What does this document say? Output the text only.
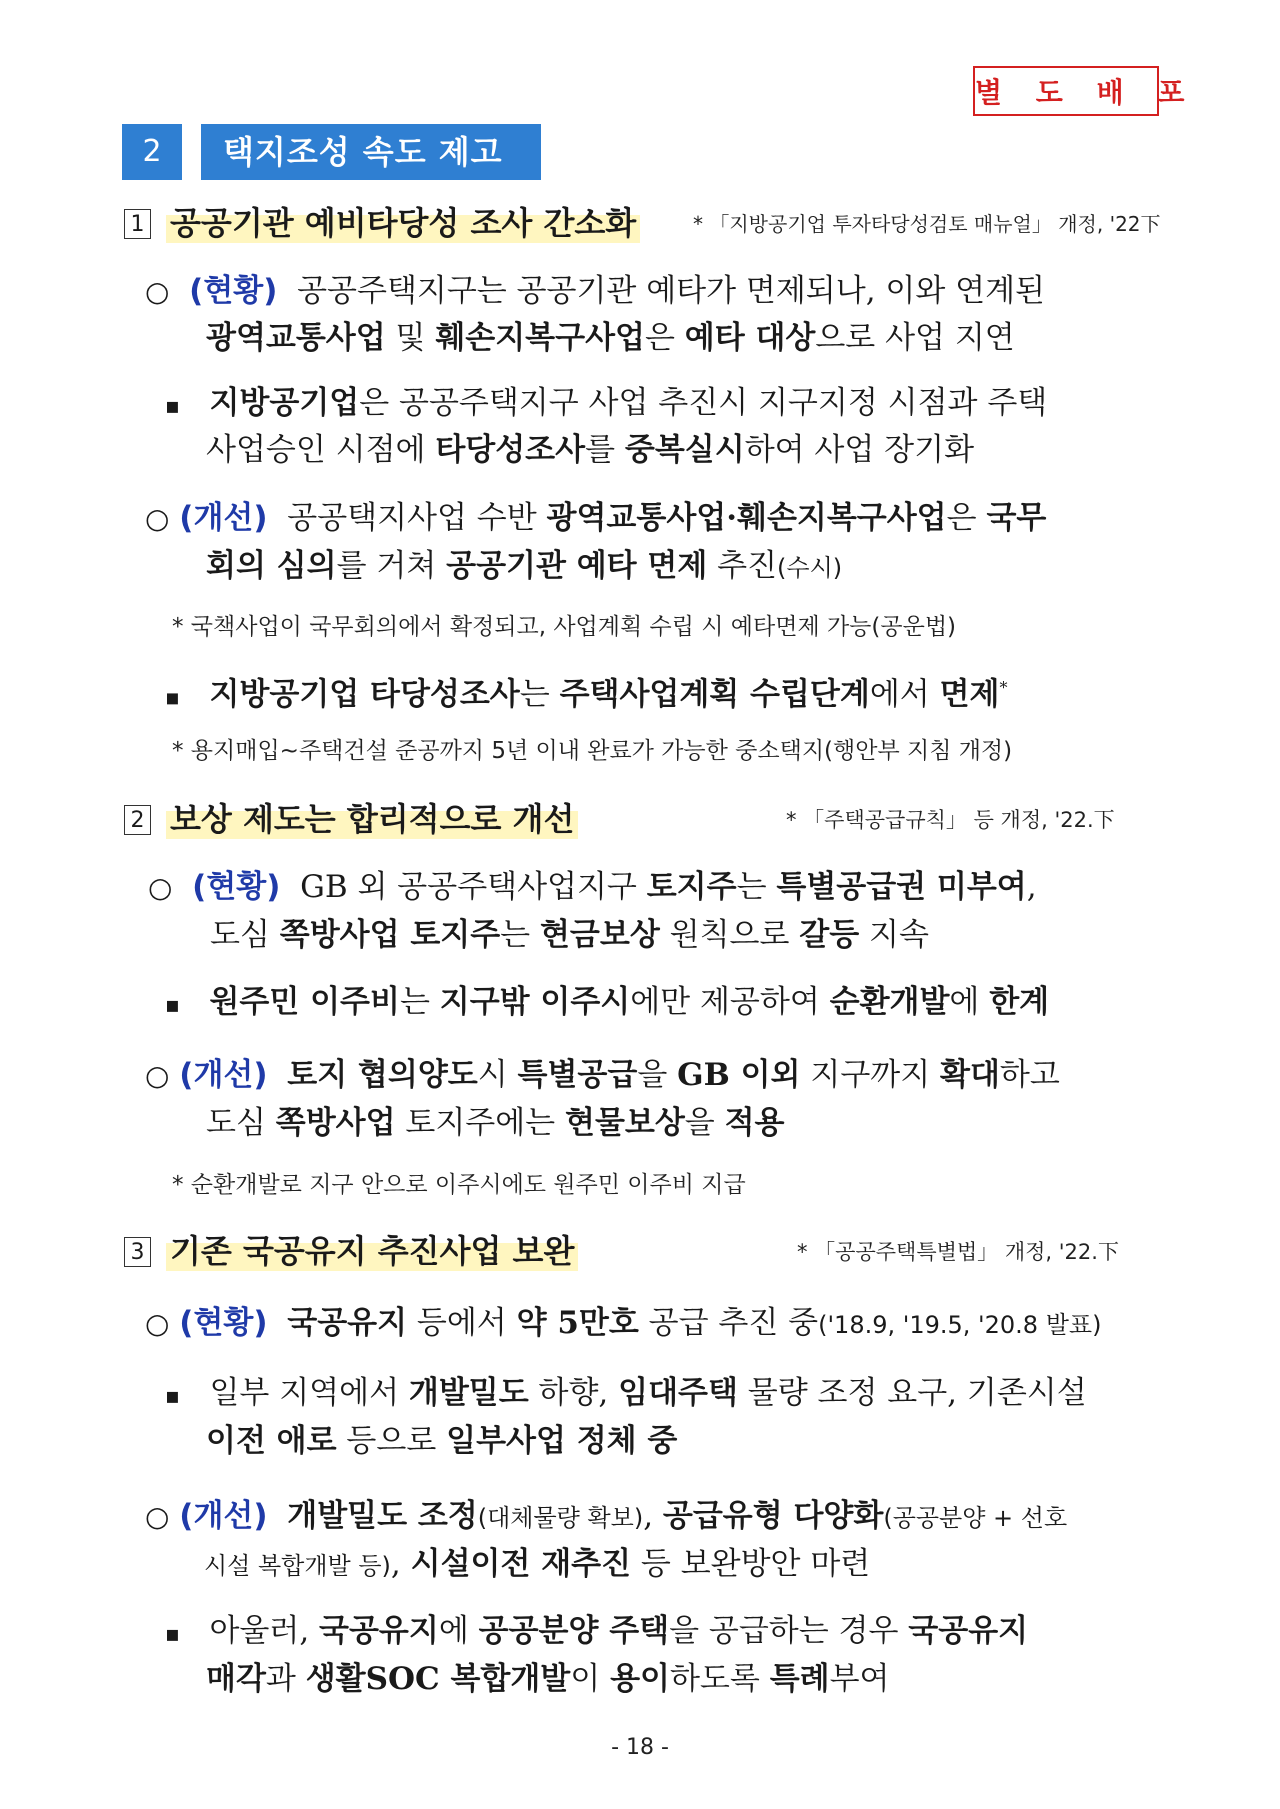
별 도 배 포
2	택지조성 속도 제고
1 공공기관 예비타당성 조사 간소화	* 「지방공기업 투자타당성검토 매뉴얼」 개정, '22下
○ (현황) 공공주택지구는 공공기관 예타가 면제되나, 이와 연계된
광역교통사업 및 훼손지복구사업은 예타 대상으로 사업 지연
▪ 지방공기업은 공공주택지구 사업 추진시 지구지정 시점과 주택
사업승인 시점에 타당성조사를 중복실시하여 사업 장기화
○ (개선) 공공택지사업 수반 광역교통사업·훼손지복구사업은 국무
회의 심의를 거쳐 공공기관 예타 면제 추진(수시)
* 국책사업이 국무회의에서 확정되고, 사업계획 수립 시 예타면제 가능(공운법)
▪ 지방공기업 타당성조사는 주택사업계획 수립단계에서 면제*
* 용지매입~주택건설 준공까지 5년 이내 완료가 가능한 중소택지(행안부 지침 개정)
2 보상 제도는 합리적으로 개선	* 「주택공급규칙」 등 개정, '22.下
○ (현황) GB 외 공공주택사업지구 토지주는 특별공급권 미부여,
도심 쪽방사업 토지주는 현금보상 원칙으로 갈등 지속
▪ 원주민 이주비는 지구밖 이주시에만 제공하여 순환개발에 한계
○ (개선) 토지 협의양도시 특별공급을 GB 이외 지구까지 확대하고
도심 쪽방사업 토지주에는 현물보상을 적용
* 순환개발로 지구 안으로 이주시에도 원주민 이주비 지급
3 기존 국공유지 추진사업 보완	* 「공공주택특별법」 개정, '22.下
○ (현황) 국공유지 등에서 약 5만호 공급 추진 중('18.9, '19.5, '20.8 발표)
▪ 일부 지역에서 개발밀도 하향, 임대주택 물량 조정 요구, 기존시설
이전 애로 등으로 일부사업 정체 중
○ (개선) 개발밀도 조정(대체물량 확보), 공급유형 다양화(공공분양 + 선호
시설 복합개발 등), 시설이전 재추진 등 보완방안 마련
▪ 아울러, 국공유지에 공공분양 주택을 공급하는 경우 국공유지
매각과 생활SOC 복합개발이 용이하도록 특례부여
- 18 -
